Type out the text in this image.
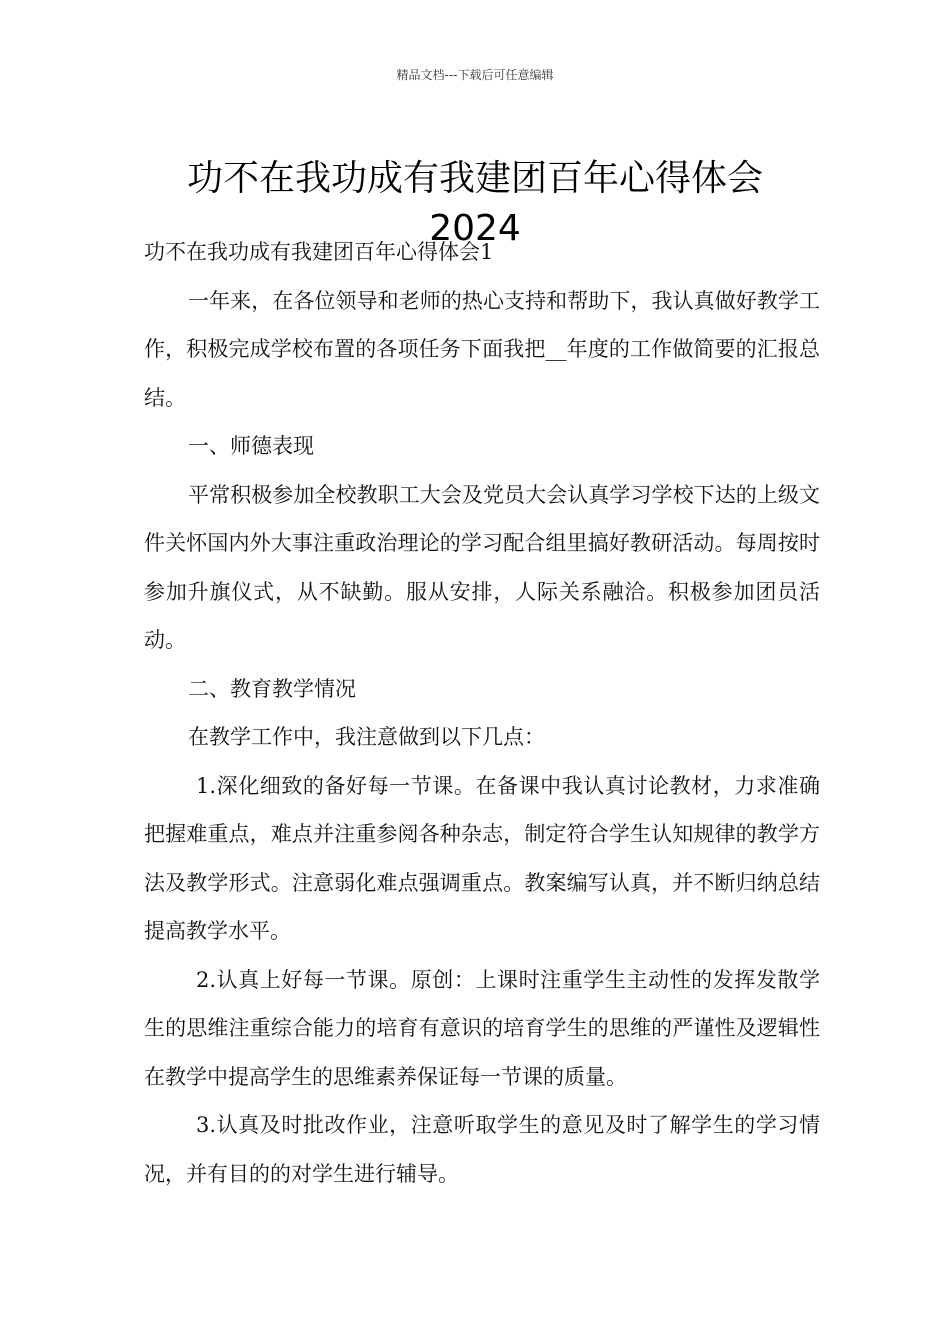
精品文档---下载后可任意编辑
功不在我功成有我建团百年心得体会
2024

功不在我功成有我建团百年心得体会1

一年来，在各位领导和老师的热心支持和帮助下，我认真做好教学工作，积极完成学校布置的各项任务下面我把__年度的工作做简要的汇报总结。

一、师德表现

平常积极参加全校教职工大会及党员大会认真学习学校下达的上级文件关怀国内外大事注重政治理论的学习配合组里搞好教研活动。每周按时参加升旗仪式，从不缺勤。服从安排，人际关系融洽。积极参加团员活动。

二、教育教学情况

在教学工作中，我注意做到以下几点：

1.深化细致的备好每一节课。在备课中我认真讨论教材，力求准确把握难重点，难点并注重参阅各种杂志，制定符合学生认知规律的教学方法及教学形式。注意弱化难点强调重点。教案编写认真，并不断归纳总结提高教学水平。

2.认真上好每一节课。原创：上课时注重学生主动性的发挥发散学生的思维注重综合能力的培育有意识的培育学生的思维的严谨性及逻辑性在教学中提高学生的思维素养保证每一节课的质量。

3.认真及时批改作业，注意听取学生的意见及时了解学生的学习情况，并有目的的对学生进行辅导。
